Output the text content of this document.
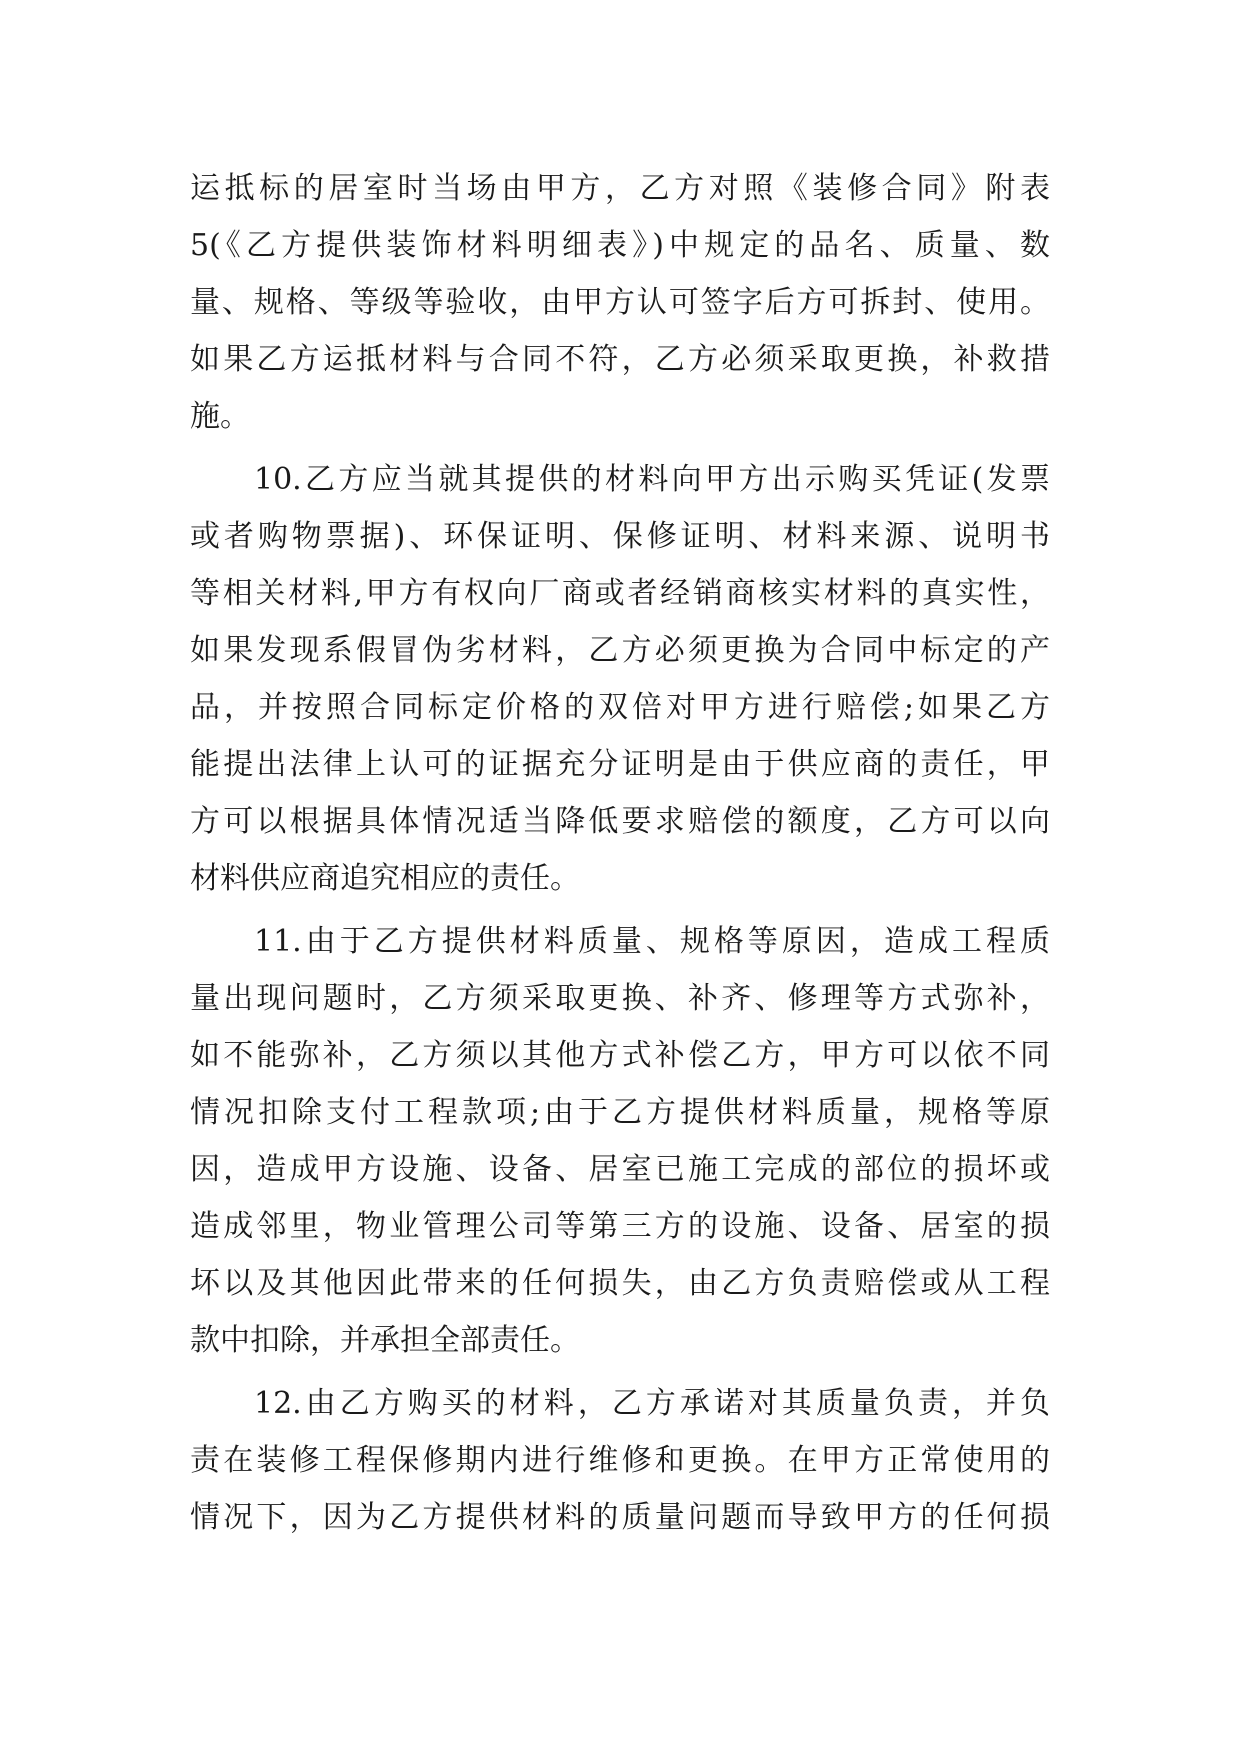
运抵标的居室时当场由甲方，乙方对照《装修合同》附表
5(《乙方提供装饰材料明细表》)中规定的品名、质量、数
量、规格、等级等验收，由甲方认可签字后方可拆封、使用。
如果乙方运抵材料与合同不符，乙方必须采取更换，补救措
施。
10.乙方应当就其提供的材料向甲方出示购买凭证(发票
或者购物票据)、环保证明、保修证明、材料来源、说明书
等相关材料,甲方有权向厂商或者经销商核实材料的真实性，
如果发现系假冒伪劣材料，乙方必须更换为合同中标定的产
品，并按照合同标定价格的双倍对甲方进行赔偿;如果乙方
能提出法律上认可的证据充分证明是由于供应商的责任，甲
方可以根据具体情况适当降低要求赔偿的额度，乙方可以向
材料供应商追究相应的责任。
11.由于乙方提供材料质量、规格等原因，造成工程质
量出现问题时，乙方须采取更换、补齐、修理等方式弥补，
如不能弥补，乙方须以其他方式补偿乙方，甲方可以依不同
情况扣除支付工程款项;由于乙方提供材料质量，规格等原
因，造成甲方设施、设备、居室已施工完成的部位的损坏或
造成邻里，物业管理公司等第三方的设施、设备、居室的损
坏以及其他因此带来的任何损失，由乙方负责赔偿或从工程
款中扣除，并承担全部责任。
12.由乙方购买的材料，乙方承诺对其质量负责，并负
责在装修工程保修期内进行维修和更换。在甲方正常使用的
情况下，因为乙方提供材料的质量问题而导致甲方的任何损
